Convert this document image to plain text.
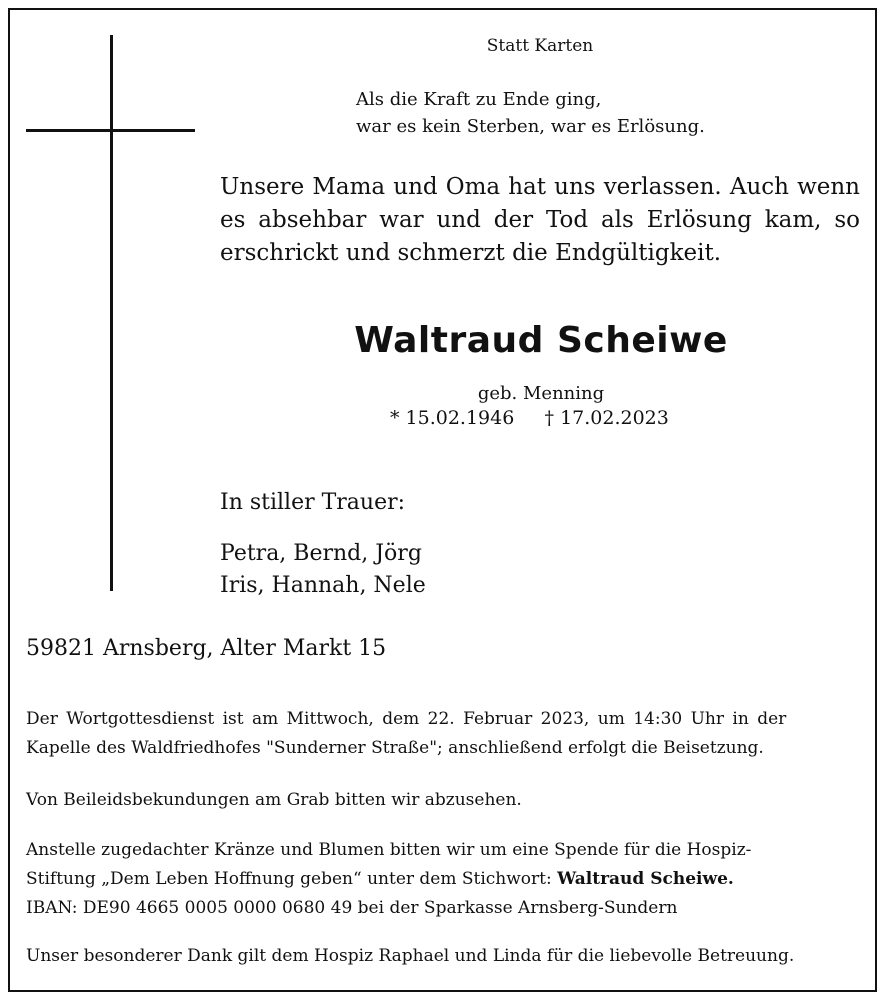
Statt Karten
Als die Kraft zu Ende ging,
war es kein Sterben, war es Erlösung.
Unsere Mama und Oma hat uns verlassen. Auch wenn
es absehbar war und der Tod als Erlösung kam, so
erschrickt und schmerzt die Endgültigkeit.
Waltraud Scheiwe
geb. Menning
* 15.02.1946     † 17.02.2023
In stiller Trauer:
Petra, Bernd, Jörg
Iris, Hannah, Nele
59821 Arnsberg, Alter Markt 15
Der Wortgottesdienst ist am Mittwoch, dem 22. Februar 2023, um 14:30 Uhr in der
Kapelle des Waldfriedhofes "Sunderner Straße"; anschließend erfolgt die Beisetzung.
Von Beileidsbekundungen am Grab bitten wir abzusehen.
Anstelle zugedachter Kränze und Blumen bitten wir um eine Spende für die Hospiz-
Stiftung „Dem Leben Hoffnung geben“ unter dem Stichwort: Waltraud Scheiwe.
IBAN: DE90 4665 0005 0000 0680 49 bei der Sparkasse Arnsberg-Sundern
Unser besonderer Dank gilt dem Hospiz Raphael und Linda für die liebevolle Betreuung.
